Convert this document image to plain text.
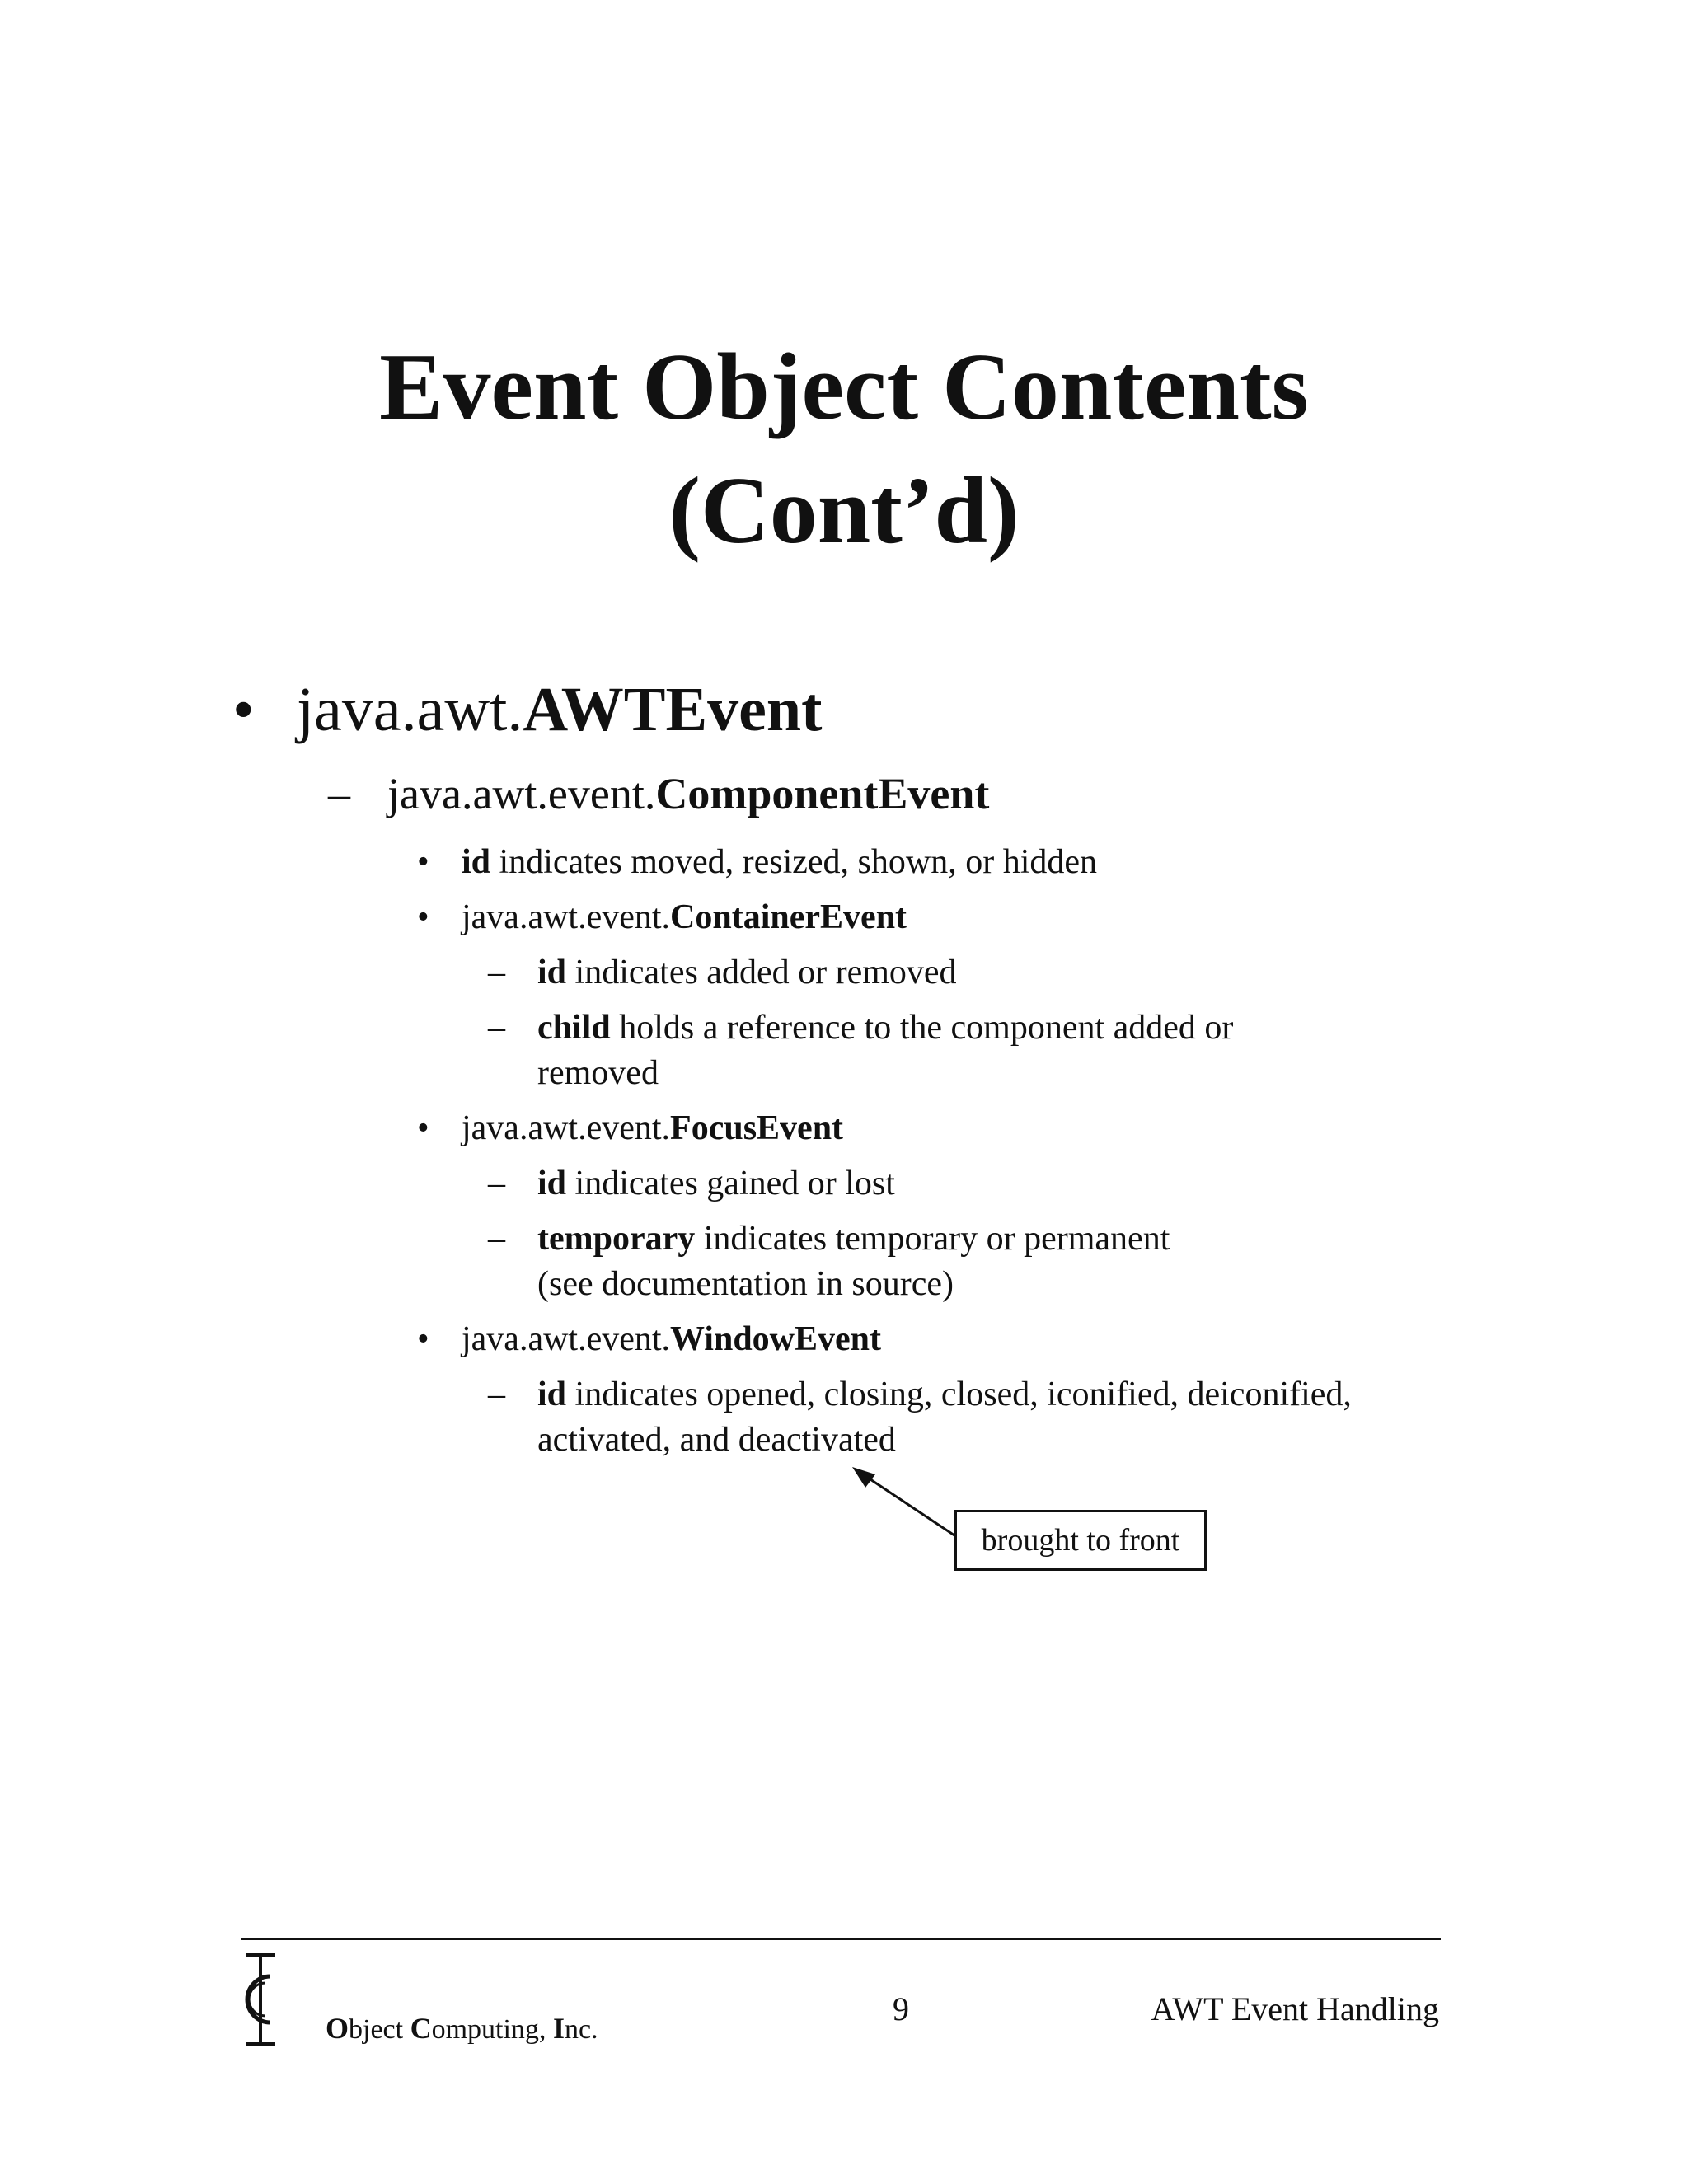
Event Object Contents
(Cont’d)
• java.awt.AWTEvent
– java.awt.event.ComponentEvent
• id indicates moved, resized, shown, or hidden
• java.awt.event.ContainerEvent
– id indicates added or removed
– child holds a reference to the component added or
removed
• java.awt.event.FocusEvent
– id indicates gained or lost
– temporary indicates temporary or permanent
(see documentation in source)
• java.awt.event.WindowEvent
– id indicates opened, closing, closed, iconified, deiconified,
activated, and deactivated
brought to front
Object Computing, Inc.
9	AWT Event Handling
